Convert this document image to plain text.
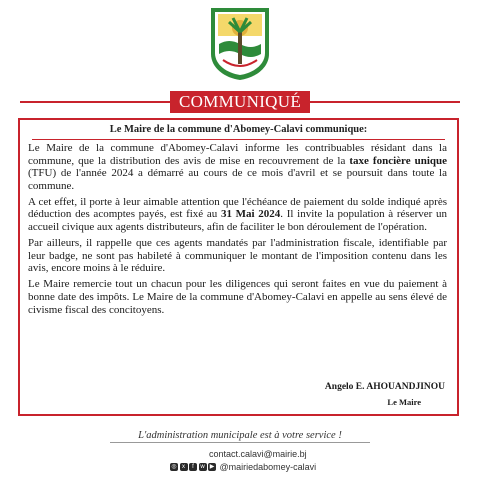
COMMUNIQUÉ
Le Maire de la commune d'Abomey-Calavi communique:

Le Maire de la commune d'Abomey-Calavi informe les contribuables résidant dans la commune, que la distribution des avis de mise en recouvrement de la taxe foncière unique (TFU) de l'année 2024 a démarré au cours de ce mois d'avril et se poursuit dans toute la commune.

A cet effet, il porte à leur aimable attention que l'échéance de paiement du solde indiqué après déduction des acomptes payés, est fixé au 31 Mai 2024. Il invite la population à réserver un accueil civique aux agents distributeurs, afin de faciliter le bon déroulement de l'opération.

Par ailleurs, il rappelle que ces agents mandatés par l'administration fiscale, identifiable par leur badge, ne sont pas habileté à communiquer le montant de l'imposition contenu dans les avis, encore moins à le réduire.

Le Maire remercie tout un chacun pour les diligences qui seront faites en vue du paiement à bonne date des impôts. Le Maire de la commune d'Abomey-Calavi en appelle au sens élevé de civisme fiscal des concitoyens.

Angelo E. AHOUANDJINOU
Le Maire
L'administration municipale est à votre service !
contact.calavi@mairie.bj
◎ x	f	w ▶ @mairiedabomey-calavi
